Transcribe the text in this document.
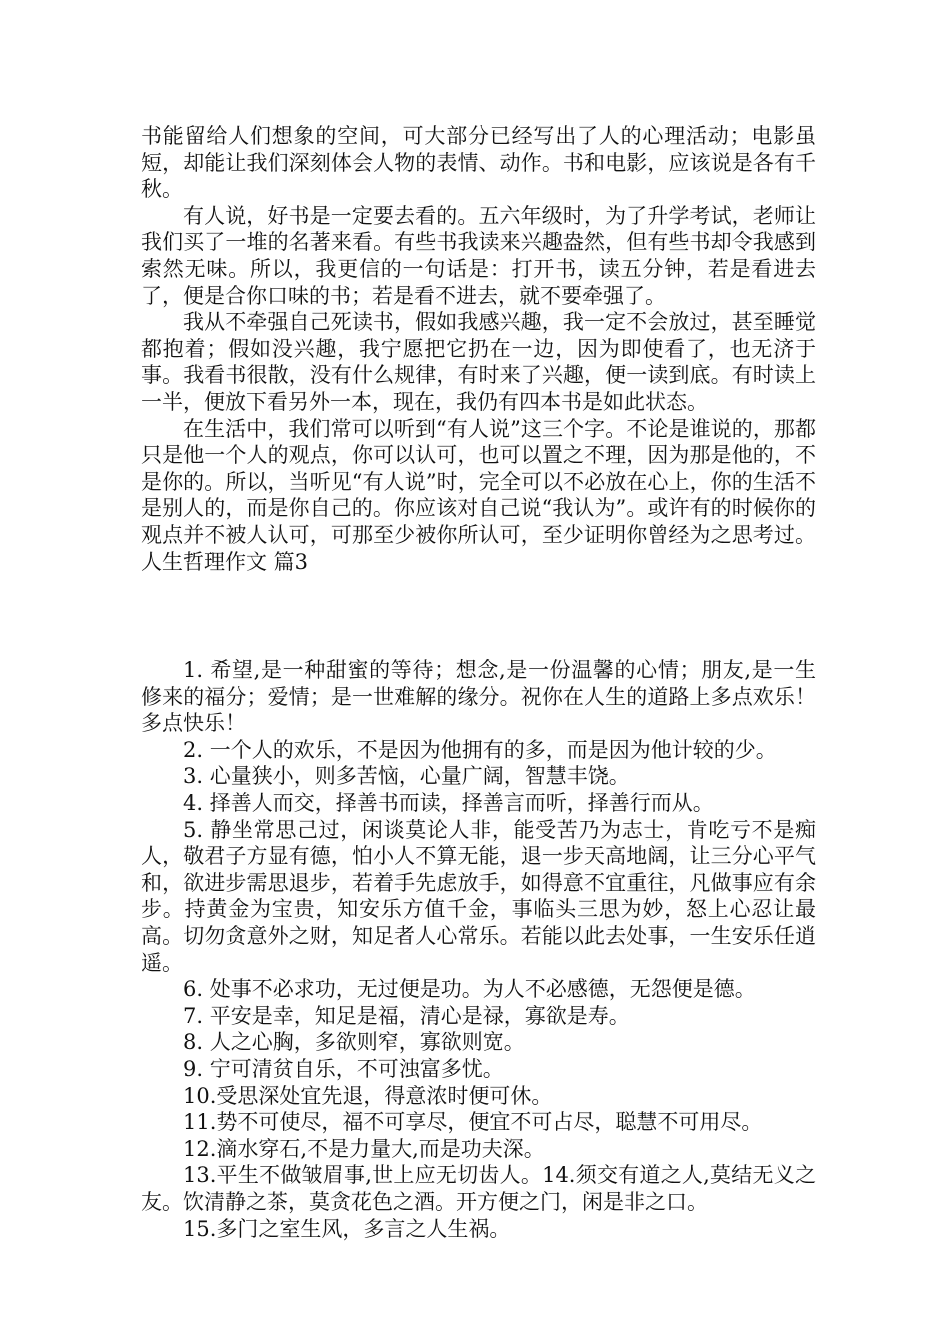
书能留给人们想象的空间，可大部分已经写出了人的心理活动；电影虽短，却能让我们深刻体会人物的表情、动作。书和电影，应该说是各有千秋。

有人说，好书是一定要去看的。五六年级时，为了升学考试，老师让我们买了一堆的名著来看。有些书我读来兴趣盎然，但有些书却令我感到索然无味。所以，我更信的一句话是：打开书，读五分钟，若是看进去了，便是合你口味的书；若是看不进去，就不要牵强了。

我从不牵强自己死读书，假如我感兴趣，我一定不会放过，甚至睡觉都抱着；假如没兴趣，我宁愿把它扔在一边，因为即使看了，也无济于事。我看书很散，没有什么规律，有时来了兴趣，便一读到底。有时读上一半，便放下看另外一本，现在，我仍有四本书是如此状态。

在生活中，我们常可以听到“有人说”这三个字。不论是谁说的，那都只是他一个人的观点，你可以认可，也可以置之不理，因为那是他的，不是你的。所以，当听见“有人说”时，完全可以不必放在心上，你的生活不是别人的，而是你自己的。你应该对自己说“我认为”。或许有的时候你的观点并不被人认可，可那至少被你所认可，至少证明你曾经为之思考过。人生哲理作文 篇3

1. 希望,是一种甜蜜的等待；想念,是一份温馨的心情；朋友,是一生修来的福分；爱情；是一世难解的缘分。祝你在人生的道路上多点欢乐！多点快乐！

2. 一个人的欢乐，不是因为他拥有的多，而是因为他计较的少。

3. 心量狭小，则多苦恼，心量广阔，智慧丰饶。

4. 择善人而交，择善书而读，择善言而听，择善行而从。

5. 静坐常思己过，闲谈莫论人非，能受苦乃为志士，肯吃亏不是痴人，敬君子方显有德，怕小人不算无能，退一步天高地阔，让三分心平气和，欲进步需思退步，若着手先虑放手，如得意不宜重往，凡做事应有余步。持黄金为宝贵，知安乐方值千金，事临头三思为妙，怒上心忍让最高。切勿贪意外之财，知足者人心常乐。若能以此去处事，一生安乐任逍遥。

6. 处事不必求功，无过便是功。为人不必感德，无怨便是德。

7. 平安是幸，知足是福，清心是禄，寡欲是寿。

8. 人之心胸，多欲则窄，寡欲则宽。

9. 宁可清贫自乐，不可浊富多忧。

10.受思深处宜先退，得意浓时便可休。

11.势不可使尽，福不可享尽，便宜不可占尽，聪慧不可用尽。

12.滴水穿石,不是力量大,而是功夫深。

13.平生不做皱眉事,世上应无切齿人。14.须交有道之人,莫结无义之友。饮清静之茶，莫贪花色之酒。开方便之门，闲是非之口。

15.多门之室生风，多言之人生祸。
